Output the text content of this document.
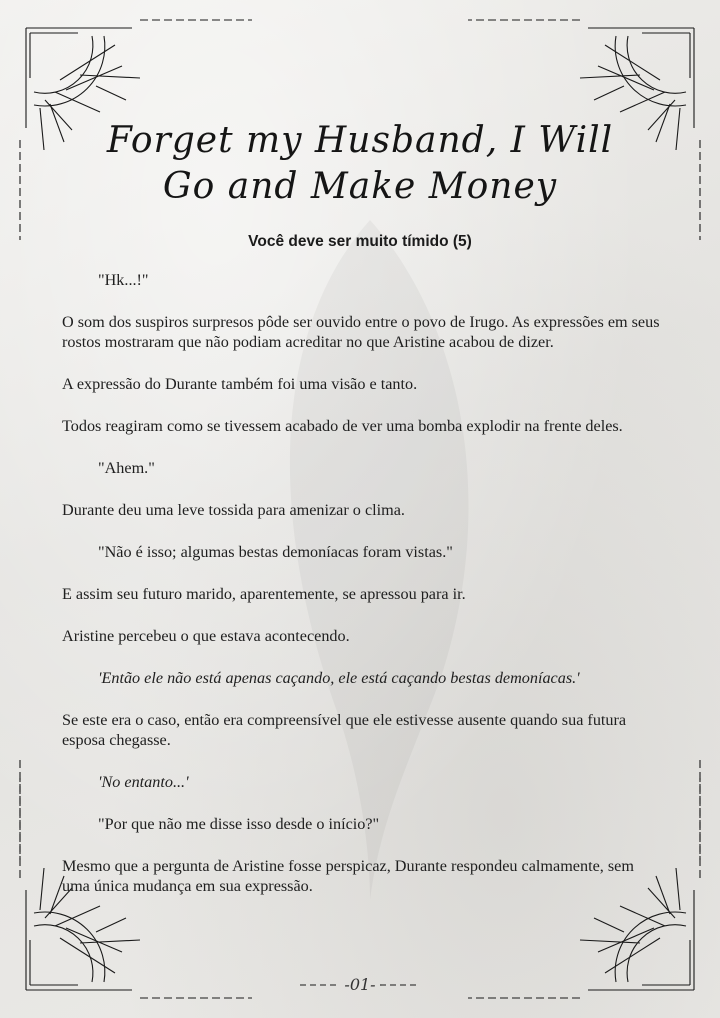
Forget my Husband, I Will
Go and Make Money
Você deve ser muito tímido (5)

"Hk...!"

O som dos suspiros surpresos pôde ser ouvido entre o povo de Irugo. As expressões em seus rostos mostraram que não podiam acreditar no que Aristine acabou de dizer.

A expressão do Durante também foi uma visão e tanto.

Todos reagiram como se tivessem acabado de ver uma bomba explodir na frente deles.

"Ahem."

Durante deu uma leve tossida para amenizar o clima.

"Não é isso; algumas bestas demoníacas foram vistas."

E assim seu futuro marido, aparentemente, se apressou para ir.

Aristine percebeu o que estava acontecendo.

'Então ele não está apenas caçando, ele está caçando bestas demoníacas.'

Se este era o caso, então era compreensível que ele estivesse ausente quando sua futura esposa chegasse.

'No entanto...'

"Por que não me disse isso desde o início?"

Mesmo que a pergunta de Aristine fosse perspicaz, Durante respondeu calmamente, sem uma única mudança em sua expressão.

-01-
